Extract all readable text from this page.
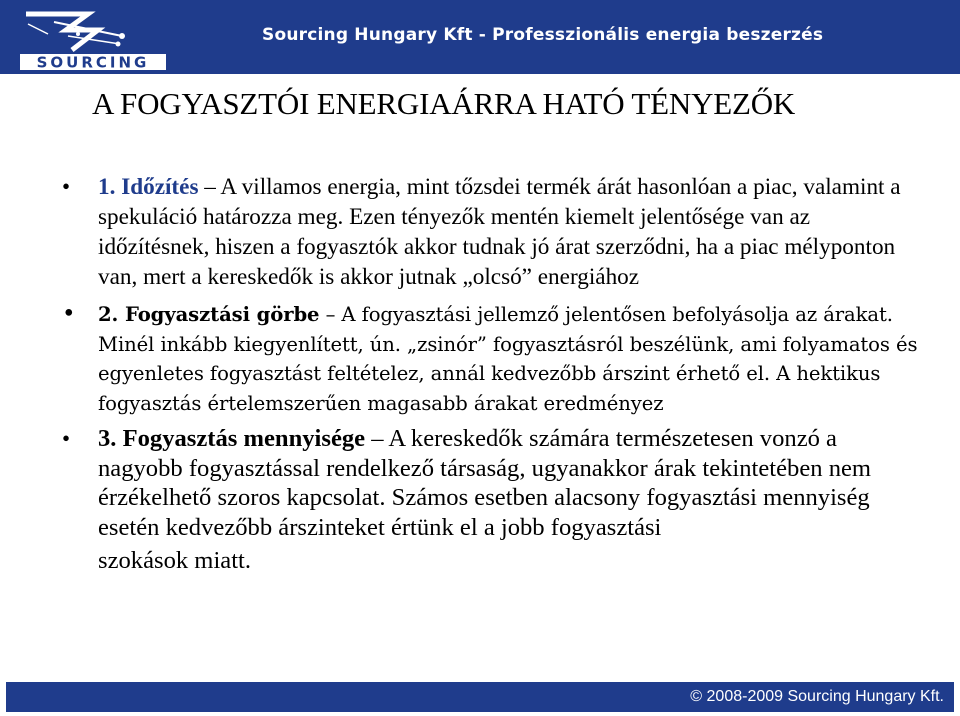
SOURCING
Sourcing Hungary Kft - Professzionális energia beszerzés
A FOGYASZTÓI ENERGIAÁRRA HATÓ TÉNYEZŐK
• 1. Időzítés – A villamos energia, mint tőzsdei termék árát hasonlóan a piac, valamint a spekuláció határozza meg. Ezen tényezők mentén kiemelt jelentősége van az időzítésnek, hiszen a fogyasztók akkor tudnak jó árat szerződni, ha a piac mélyponton van, mert a kereskedők is akkor jutnak „olcsó” energiához
• 2. Fogyasztási görbe – A fogyasztási jellemző jelentősen befolyásolja az árakat. Minél inkább kiegyenlített, ún. „zsinór” fogyasztásról beszélünk, ami folyamatos és egyenletes fogyasztást feltételez, annál kedvezőbb árszint érhető el. A hektikus fogyasztás értelemszerűen magasabb árakat eredményez
• 3. Fogyasztás mennyisége – A kereskedők számára természetesen vonzó a nagyobb fogyasztással rendelkező társaság, ugyanakkor árak tekintetében nem érzékelhető szoros kapcsolat. Számos esetben alacsony fogyasztási mennyiség esetén kedvezőbb árszinteket értünk el a jobb fogyasztási
szokások miatt.
© 2008-2009 Sourcing Hungary Kft.
